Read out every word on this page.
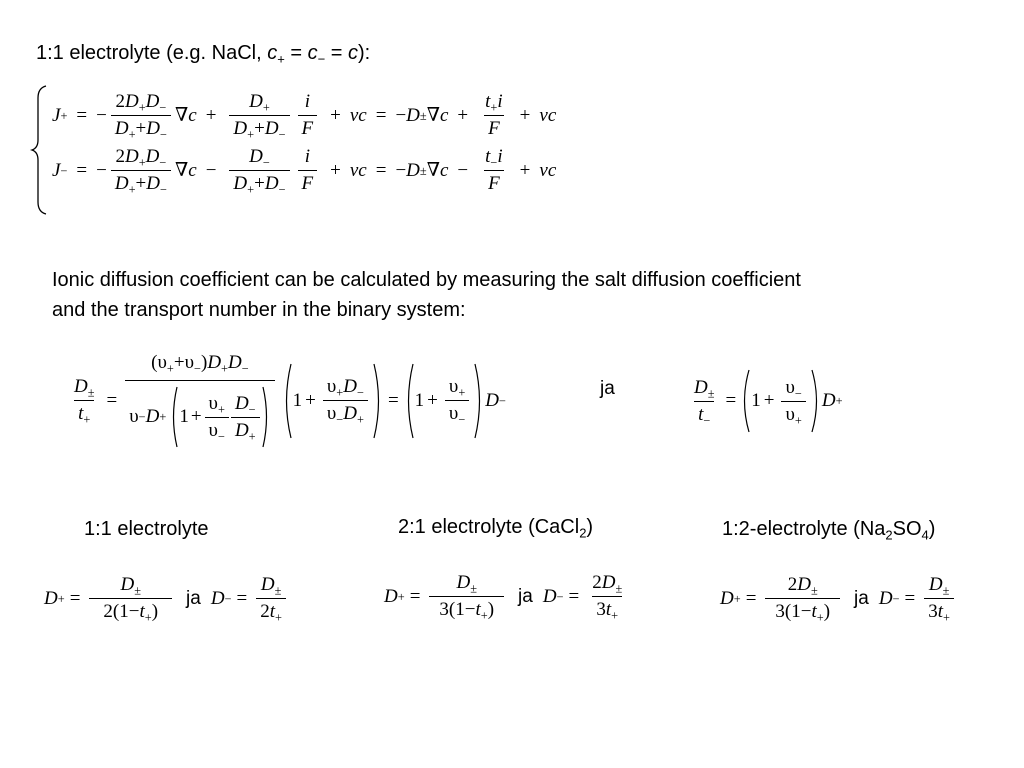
1:1 electrolyte (e.g. NaCl, $c_+ = c_- = c$):
J + = − $\frac{2D_+D_-}{D_++D_-}$ ∇ $c + \frac{D_+}{D_++D_-} \frac{i}{F} + v$ c = − D ± ∇ $c + \frac{t_+i}{F} + v$ c
J − = − $\frac{2D_+D_-}{D_++D_-}$ ∇ $c - \frac{D_-}{D_++D_-} \frac{i}{F} + v$ c = − D ± ∇ $c - \frac{t_-i}{F} + v$ c
Ionic diffusion coefficient can be calculated by measuring the salt diffusion coefficient
and the transport number in the binary system:
$\frac{D_\pm}{t_+}$ =
$(\upsilon_++\upsilon_-)D_+D_-$
$\upsilon - D + 1 + \frac{\upsilon_+}{\upsilon_-} \frac{D_-}{D_+} 1 + \frac{\upsilon_+D_-}{\upsilon_-D_+} = 1 + \frac{\upsilon_+}{\upsilon_-}$ D −
ja	$\frac{D_\pm}{t_-} = 1 + \frac{\upsilon_-}{\upsilon_+}$ D +
1:1 electrolyte	2:1 electrolyte (CaCl$_2$)	1:2-electrolyte $(Na_2SO_4)$
D + = $\frac{D_\pm}{2(1-t_+)}$ ja D − = $\frac{D_\pm}{2t_+}$	D + = $\frac{D_\pm}{3(1-t_+)}$ ja D − = $\frac{2D_\pm}{3t_+}$	D + = $\frac{2D_\pm}{3(1-t_+)}$ ja D − = $\frac{D_\pm}{3t_+}$
